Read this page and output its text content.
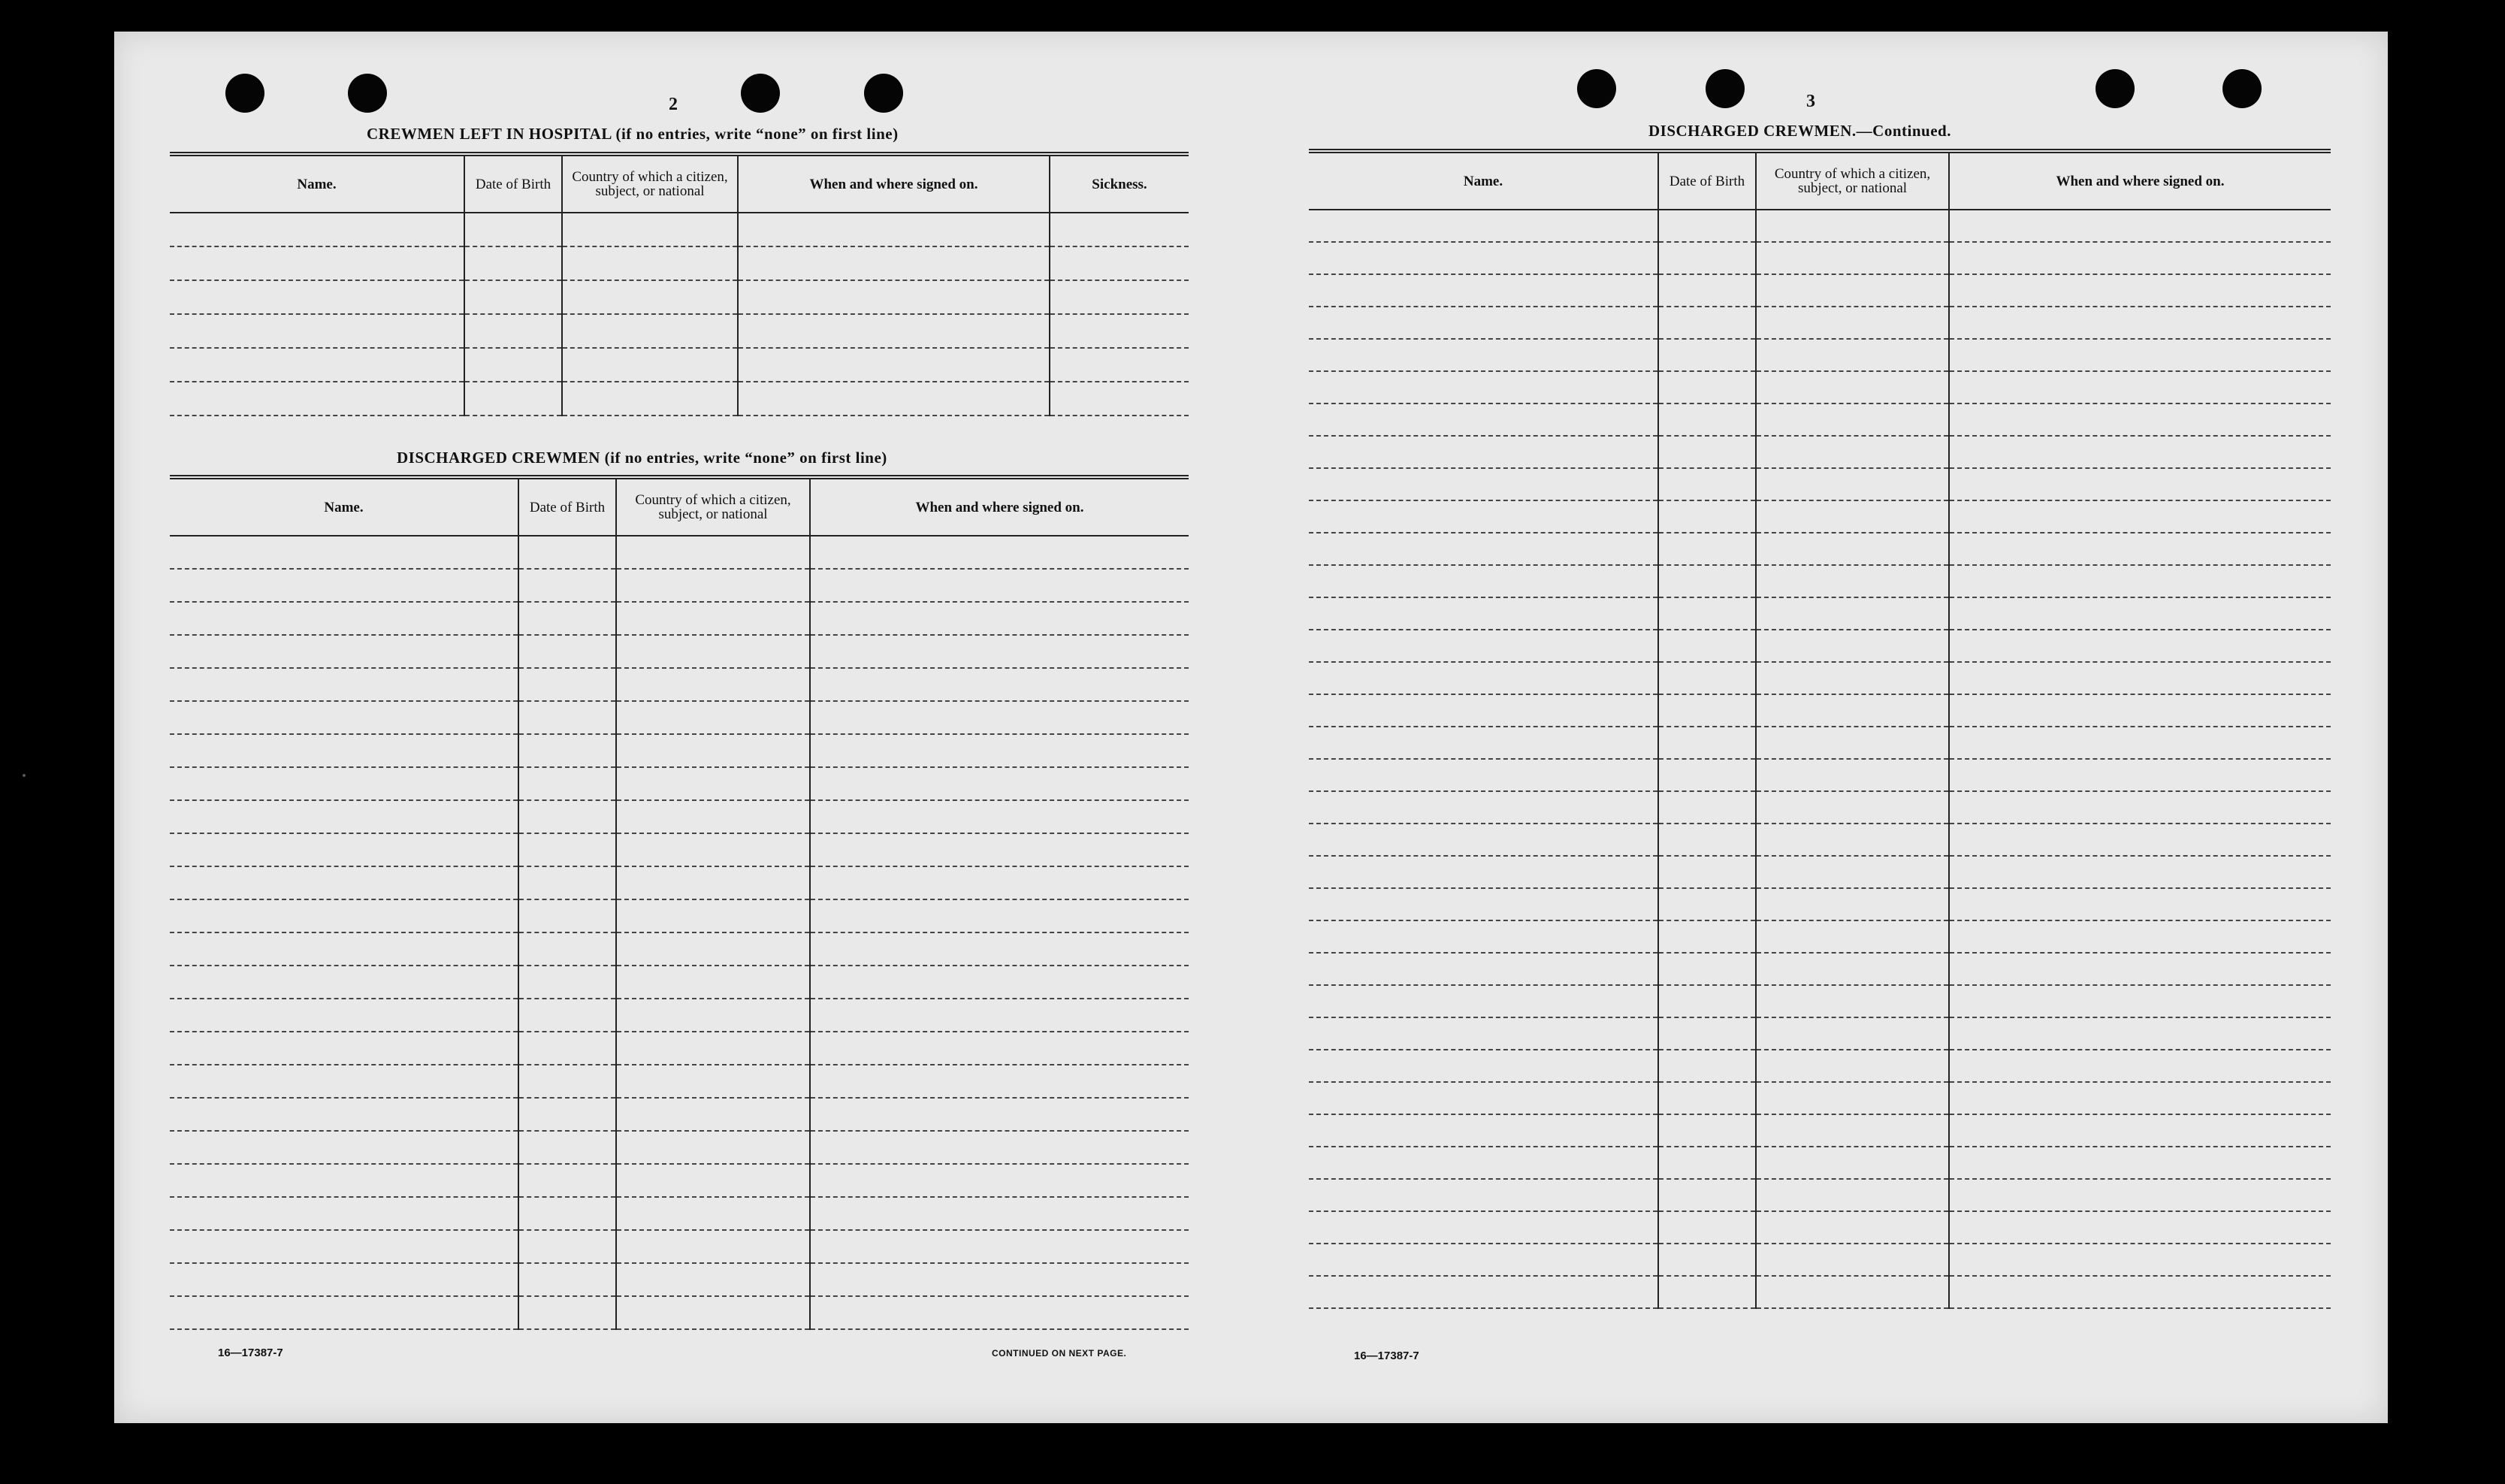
2
CREWMEN LEFT IN HOSPITAL (if no entries, write “none” on first line)
Name.	Date of Birth	Country of which a citizen, subject, or national	When and where signed on.	Sickness.

DISCHARGED CREWMEN (if no entries, write “none” on first line)
Name.	Date of Birth	Country of which a citizen, subject, or national	When and where signed on.

16—17387-7	CONTINUED ON NEXT PAGE.
3
DISCHARGED CREWMEN.—Continued.
Name.	Date of Birth	Country of which a citizen, subject, or national	When and where signed on.

16—17387-7
